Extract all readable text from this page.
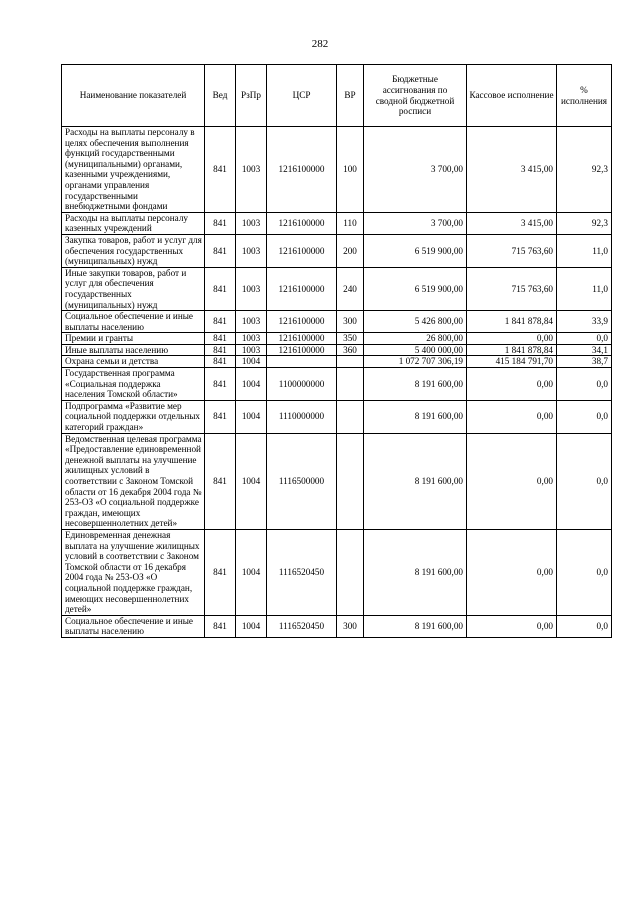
282
Наименование показателей	Вед	РзПр	ЦСР	ВР	Бюджетные ассигнования по сводной бюджетной росписи	Кассовое исполнение	% исполнения
Расходы на выплаты персоналу в целях обеспечения выполнения функций государственными (муниципальными) органами, казенными учреждениями, органами управления государственными внебюджетными фондами	841	1003	1216100000	100	3 700,00	3 415,00	92,3
Расходы на выплаты персоналу казенных учреждений	841	1003	1216100000	110	3 700,00	3 415,00	92,3
Закупка товаров, работ и услуг для обеспечения государственных (муниципальных) нужд	841	1003	1216100000	200	6 519 900,00	715 763,60	11,0
Иные закупки товаров, работ и услуг для обеспечения государственных (муниципальных) нужд	841	1003	1216100000	240	6 519 900,00	715 763,60	11,0
Социальное обеспечение и иные выплаты населению	841	1003	1216100000	300	5 426 800,00	1 841 878,84	33,9
Премии и гранты	841	1003	1216100000	350	26 800,00	0,00	0,0
Иные выплаты населению	841	1003	1216100000	360	5 400 000,00	1 841 878,84	34,1
Охрана семьи и детства	841	1004			1 072 707 306,19	415 184 791,70	38,7
Государственная программа «Социальная поддержка населения Томской области»	841	1004	1100000000		8 191 600,00	0,00	0,0
Подпрограмма «Развитие мер социальной поддержки отдельных категорий граждан»	841	1004	1110000000		8 191 600,00	0,00	0,0
Ведомственная целевая программа «Предоставление единовременной денежной выплаты на улучшение жилищных условий в соответствии с Законом Томской области от 16 декабря 2004 года № 253-ОЗ «О социальной поддержке граждан, имеющих несовершеннолетних детей»	841	1004	1116500000		8 191 600,00	0,00	0,0
Единовременная денежная выплата на улучшение жилищных условий в соответствии с Законом Томской области от 16 декабря 2004 года № 253-ОЗ «О социальной поддержке граждан, имеющих несовершеннолетних детей»	841	1004	1116520450		8 191 600,00	0,00	0,0
Социальное обеспечение и иные выплаты населению	841	1004	1116520450	300	8 191 600,00	0,00	0,0
